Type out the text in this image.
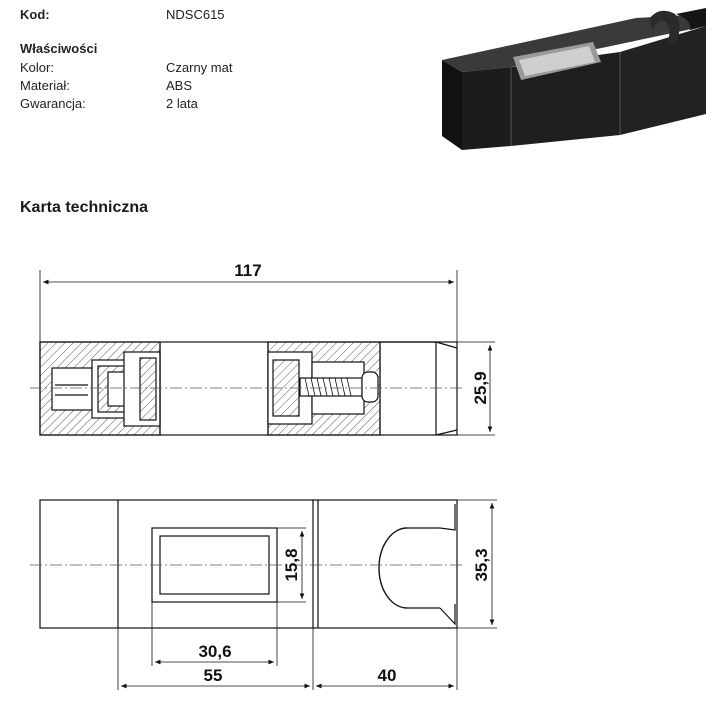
Kod:	NDSC615
Właściwości
Kolor:	Czarny mat
Materiał:	ABS
Gwarancja:	2 lata
Karta techniczna
117
25,9
15,8	35,3
30,6
55	40
